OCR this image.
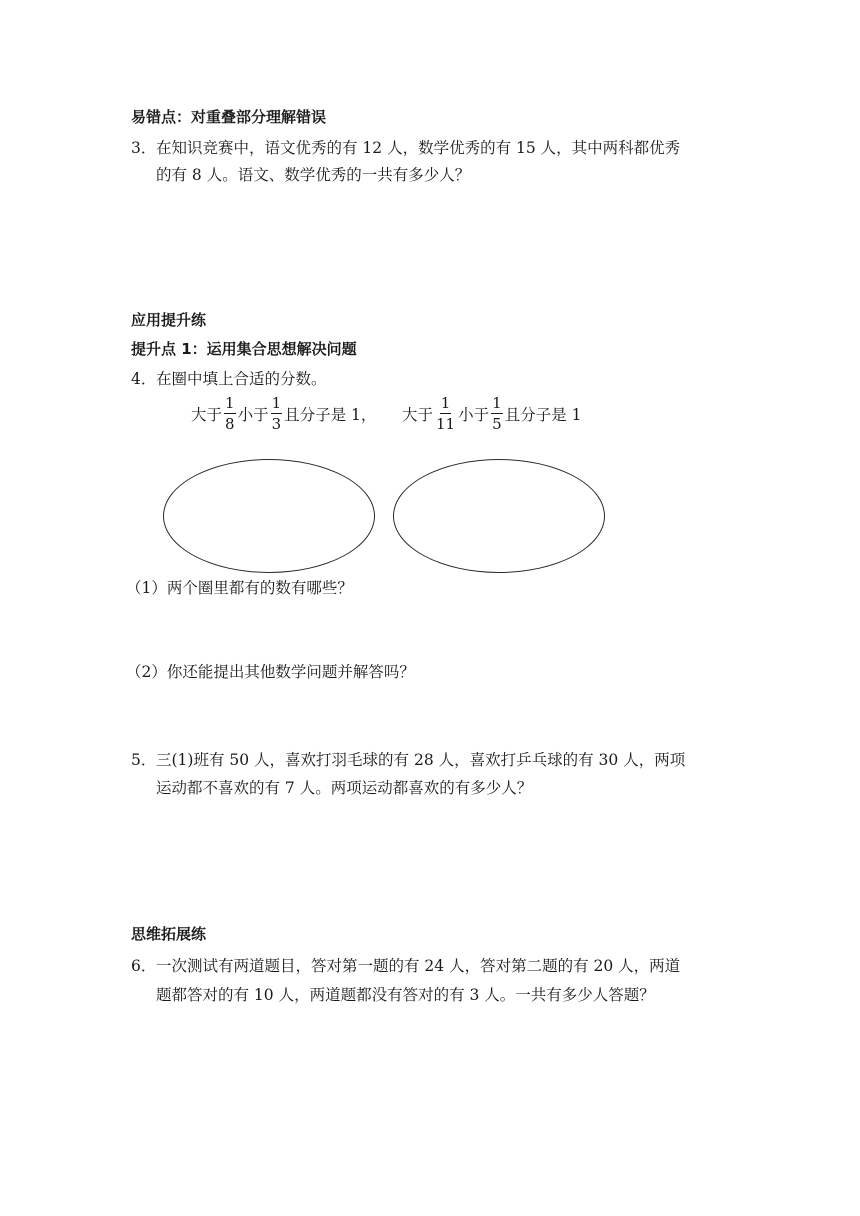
易错点：对重叠部分理解错误
3． 在知识竞赛中，语文优秀的有 12 人，数学优秀的有 15 人，其中两科都优秀
的有 8 人。语文、数学优秀的一共有多少人？
应用提升练
提升点 1：运用集合思想解决问题
4． 在圈中填上合适的分数。
大于 $\frac{1}{8}$ 小于 $\frac{1}{3}$ 且分子是 1， 大于 $\frac{1}{11}$ 小于 $\frac{1}{5}$ 且分子是 1
（1）两个圈里都有的数有哪些？
（2）你还能提出其他数学问题并解答吗？
5． 三(1)班有 50 人，喜欢打羽毛球的有 28 人，喜欢打乒乓球的有 30 人，两项
运动都不喜欢的有 7 人。两项运动都喜欢的有多少人？
思维拓展练
6． 一次测试有两道题目，答对第一题的有 24 人，答对第二题的有 20 人，两道
题都答对的有 10 人，两道题都没有答对的有 3 人。一共有多少人答题？
